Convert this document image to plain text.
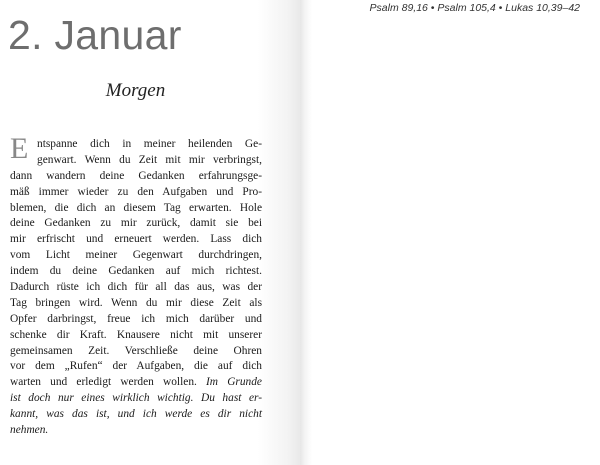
2. Januar
Morgen
E ntspanne dich in meiner heilenden Ge-
genwart. Wenn du Zeit mit mir verbringst,
dann wandern deine Gedanken erfahrungsge-
mäß immer wieder zu den Aufgaben und Pro-
blemen, die dich an diesem Tag erwarten. Hole
deine Gedanken zu mir zurück, damit sie bei
mir erfrischt und erneuert werden. Lass dich
vom Licht meiner Gegenwart durchdringen,
indem du deine Gedanken auf mich richtest.
Dadurch rüste ich dich für all das aus, was der
Tag bringen wird. Wenn du mir diese Zeit als
Opfer darbringst, freue ich mich darüber und
schenke dir Kraft. Knausere nicht mit unserer
gemeinsamen Zeit. Verschließe deine Ohren
vor dem „Rufen“ der Aufgaben, die auf dich
warten und erledigt werden wollen. Im Grunde
ist doch nur eines wirklich wichtig. Du hast er-
kannt, was das ist, und ich werde es dir nicht
nehmen.

Psalm 89,16 • Psalm 105,4 • Lukas 10,39–42
